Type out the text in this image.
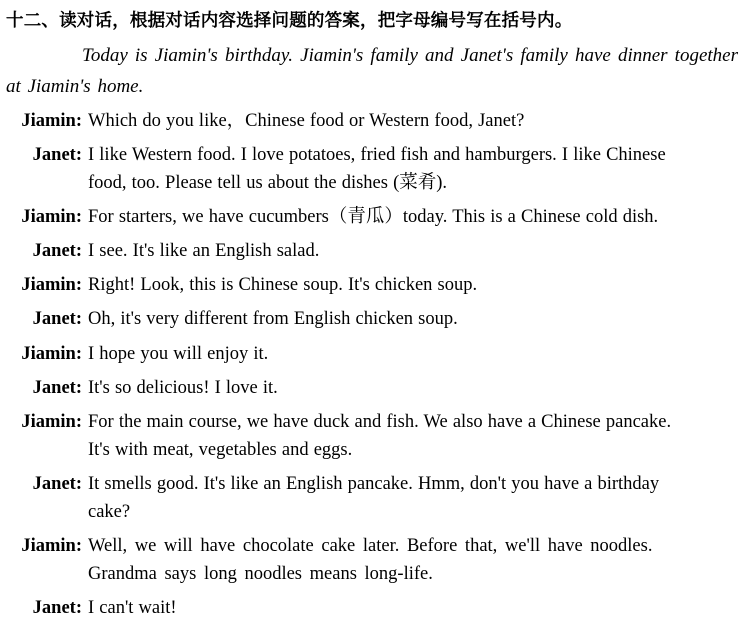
十二、读对话，根据对话内容选择问题的答案，把字母编号写在括号内。
Today is Jiamin's birthday. Jiamin's family and Janet's family have dinner together at Jiamin's home.
Jiamin: Which do you like，Chinese food or Western food, Janet?
Janet: I like Western food. I love potatoes, fried fish and hamburgers. I like Chinese
food, too. Please tell us about the dishes (菜肴).
Jiamin: For starters, we have cucumbers（青瓜）today. This is a Chinese cold dish.
Janet: I see. It's like an English salad.
Jiamin: Right! Look, this is Chinese soup. It's chicken soup.
Janet: Oh, it's very different from English chicken soup.
Jiamin: I hope you will enjoy it.
Janet: It's so delicious! I love it.
Jiamin: For the main course, we have duck and fish. We also have a Chinese pancake.
It's with meat, vegetables and eggs.
Janet: It smells good. It's like an English pancake. Hmm, don't you have a birthday
cake?
Jiamin: Well, we will have chocolate cake later. Before that, we'll have noodles.
Grandma says long noodles means long-life.
Janet: I can't wait!
